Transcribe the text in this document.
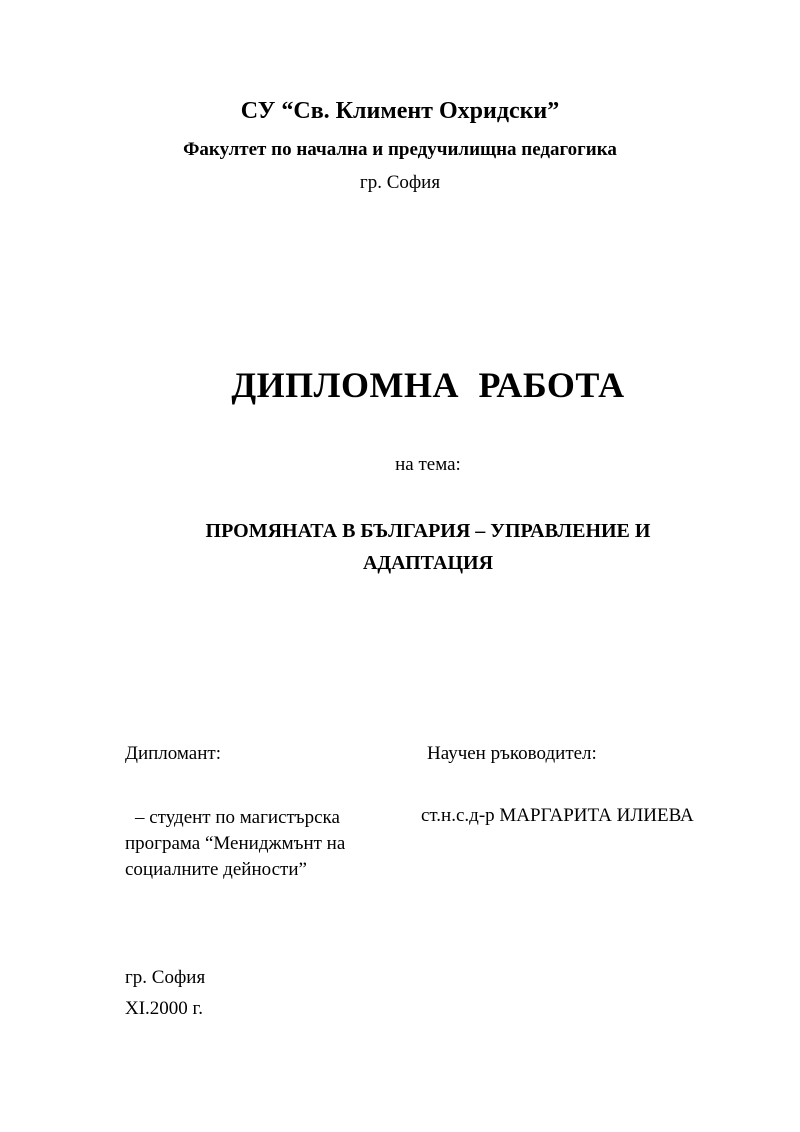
СУ “Св. Климент Охридски”
Факултет по начална и предучилищна педагогика
гр. София
ДИПЛОМНА РАБОТА
на тема:
ПРОМЯНАТА В БЪЛГАРИЯ – УПРАВЛЕНИЕ И
АДАПТАЦИЯ
Дипломант:	Научен ръководител:
– студент по магистърска
програма “Мениджмънт на
социалните дейности”
ст.н.с.д-р МАРГАРИТА ИЛИЕВА
гр. София
XI.2000 г.
